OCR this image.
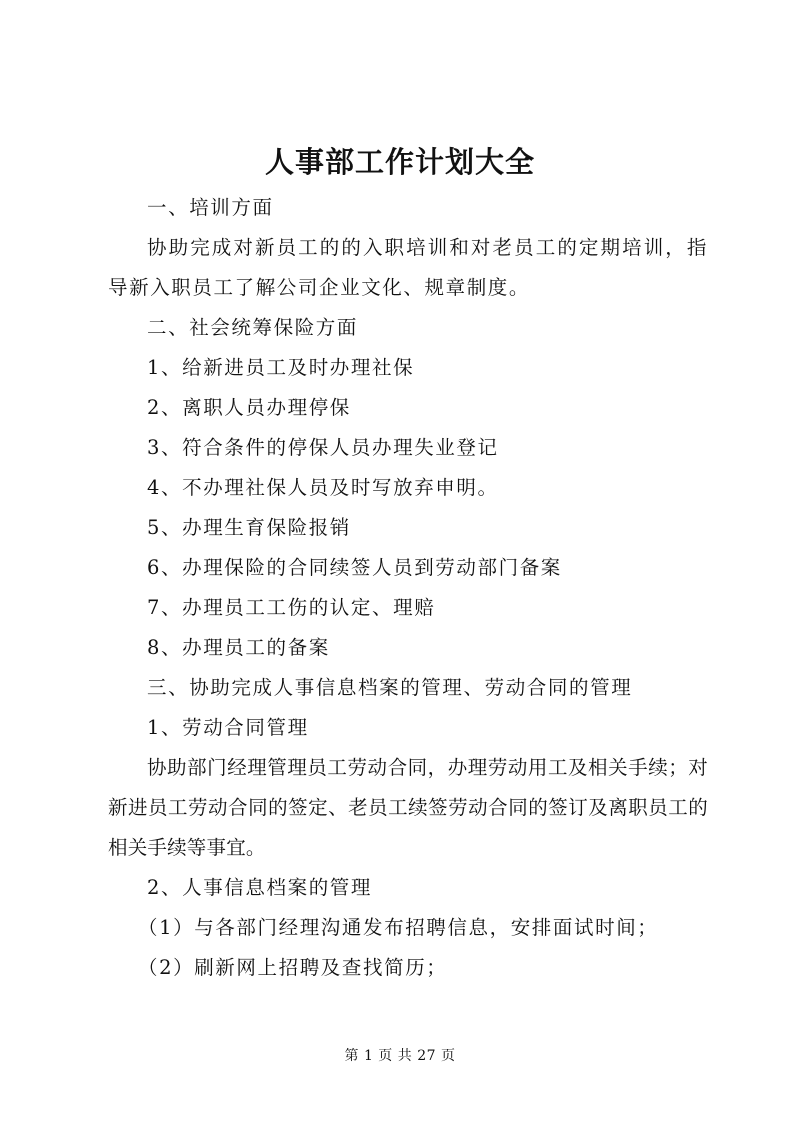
人事部工作计划大全

一、培训方面

协助完成对新员工的的入职培训和对老员工的定期培训，指导新入职员工了解公司企业文化、规章制度。

二、社会统筹保险方面

1、给新进员工及时办理社保

2、离职人员办理停保

3、符合条件的停保人员办理失业登记

4、不办理社保人员及时写放弃申明。

5、办理生育保险报销

6、办理保险的合同续签人员到劳动部门备案

7、办理员工工伤的认定、理赔

8、办理员工的备案

三、协助完成人事信息档案的管理、劳动合同的管理

1、劳动合同管理

协助部门经理管理员工劳动合同，办理劳动用工及相关手续；对新进员工劳动合同的签定、老员工续签劳动合同的签订及离职员工的相关手续等事宜。

2、人事信息档案的管理

（1）与各部门经理沟通发布招聘信息，安排面试时间；

（2）刷新网上招聘及查找简历；

第 1 页 共 27 页
